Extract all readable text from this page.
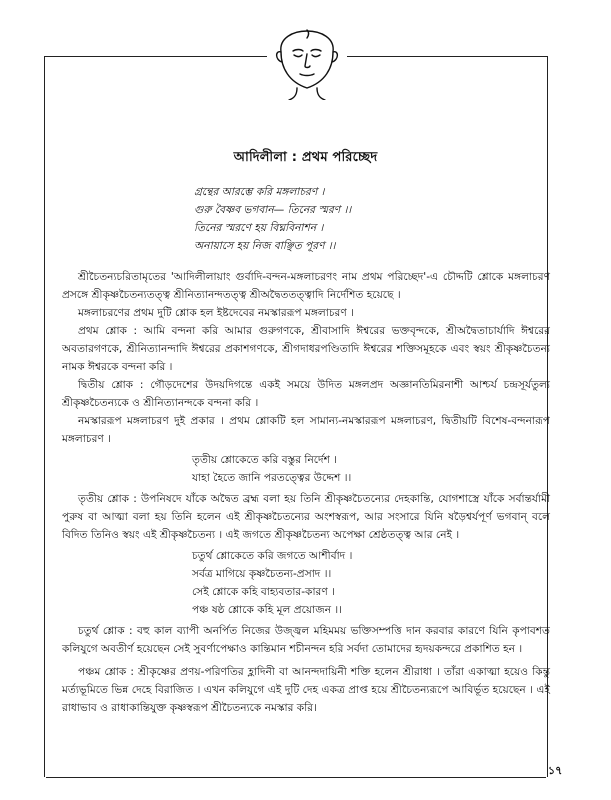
আদিলীলা : প্রথম পরিচ্ছেদ
গ্রন্থের আরম্ভে করি মঙ্গলাচরণ ।
গুরু বৈষ্ণব ভগবান— তিনের স্মরণ ।।
তিনের স্মরণে হয় বিঘ্নবিনাশন ।
অনায়াসে হয় নিজ বাঞ্ছিত পূরণ ।।

শ্রীচৈতন্যচরিতামৃতের 'আদিলীলায়াং গুর্বাদি-বন্দন-মঙ্গলাচরণং নাম প্রথম পরিচ্ছেদ'-এ চৌদ্দটি শ্লোকে মঙ্গলাচরণ প্রসঙ্গে শ্রীকৃষ্ণচৈতন্যতত্ত্ব শ্রীনিত্যানন্দতত্ত্ব শ্রীঅদ্বৈততত্ত্বাদি নির্দেশিত হয়েছে ।

মঙ্গলাচরণের প্রথম দুটি শ্লোক হল ইষ্টদেবের নমস্কাররূপ মঙ্গলাচরণ ।

প্রথম শ্লোক : আমি বন্দনা করি আমার গুরুগণকে, শ্রীবাসাদি ঈশ্বরের ভক্তবৃন্দকে, শ্রীঅদ্বৈতাচার্যাদি ঈশ্বরের অবতারগণকে, শ্রীনিত্যানন্দাদি ঈশ্বরের প্রকাশগণকে, শ্রীগদাধরপণ্ডিতাদি ঈশ্বরের শক্তিসমূহকে এবং স্বয়ং শ্রীকৃষ্ণচৈতন্য নামক ঈশ্বরকে বন্দনা করি ।

দ্বিতীয় শ্লোক : গৌড়দেশের উদয়দিগন্তে একই সময়ে উদিত মঙ্গলপ্রদ অজ্ঞানতিমিরনাশী আশ্চর্য চন্দ্রসূর্যতুল্য শ্রীকৃষ্ণচৈতন্যকে ও শ্রীনিত্যানন্দকে বন্দনা করি ।

নমস্কাররূপ মঙ্গলাচরণ দুই প্রকার । প্রথম শ্লোকটি হল সামান্য-নমস্কাররূপ মঙ্গলাচরণ, দ্বিতীয়টি বিশেষ-বন্দনারূপ মঙ্গলাচরণ ।

তৃতীয় শ্লোকেতে করি বস্তুর নির্দেশ ।

যাহা হৈতে জানি পরতত্ত্বের উদ্দেশ ।।

তৃতীয় শ্লোক : উপনিষদে যাঁকে অদ্বৈত ব্রহ্ম বলা হয় তিনি শ্রীকৃষ্ণচৈতন্যের দেহকান্তি, যোগশাস্ত্রে যাঁকে সর্বান্তর্যামী পুরুষ বা আত্মা বলা হয় তিনি হলেন এই শ্রীকৃষ্ণচৈতন্যের অংশস্বরূপ, আর সংসারে যিনি ষড়ৈশ্বর্যপূর্ণ ভগবান্ বলে বিদিত তিনিও স্বয়ং এই শ্রীকৃষ্ণচৈতন্য । এই জগতে শ্রীকৃষ্ণচৈতন্য অপেক্ষা শ্রেষ্ঠতত্ত্ব আর নেই ।

চতুর্থ শ্লোকেতে করি জগতে আশীর্বাদ ।

সর্বত্র মাগিয়ে কৃষ্ণচৈতন্য-প্রসাদ ।।

সেই শ্লোকে কহি বাহ্যবতার-কারণ ।

পঞ্চ ষষ্ঠ শ্লোকে কহি মূল প্রয়োজন ।।

চতুর্থ শ্লোক : বহু কাল ব্যাপী অনর্পিত নিজের উজ্জ্বল মহিমময় ভক্তিসম্পত্তি দান করবার কারণে যিনি কৃপাবশত কলিযুগে অবতীর্ণ হয়েছেন সেই সুবর্ণাপেক্ষাও কান্তিমান শচীনন্দন হরি সর্বদা তোমাদের হৃদয়কন্দরে প্রকাশিত হন ।

পঞ্চম শ্লোক : শ্রীকৃষ্ণের প্রণয়-পরিণতির হ্লাদিনী বা আনন্দদায়িনী শক্তি হলেন শ্রীরাধা । তাঁরা একাত্মা হয়েও কিন্তু মর্ত্যভূমিতে ভিন্ন দেহে বিরাজিত । এখন কলিযুগে এই দুটি দেহ একত্র প্রাপ্ত হয়ে শ্রীচৈতন্যরূপে আবির্ভূত হয়েছেন । এই রাধাভাব ও রাধাকান্তিযুক্ত কৃষ্ণস্বরূপ শ্রীচৈতন্যকে নমস্কার করি।

১৭
